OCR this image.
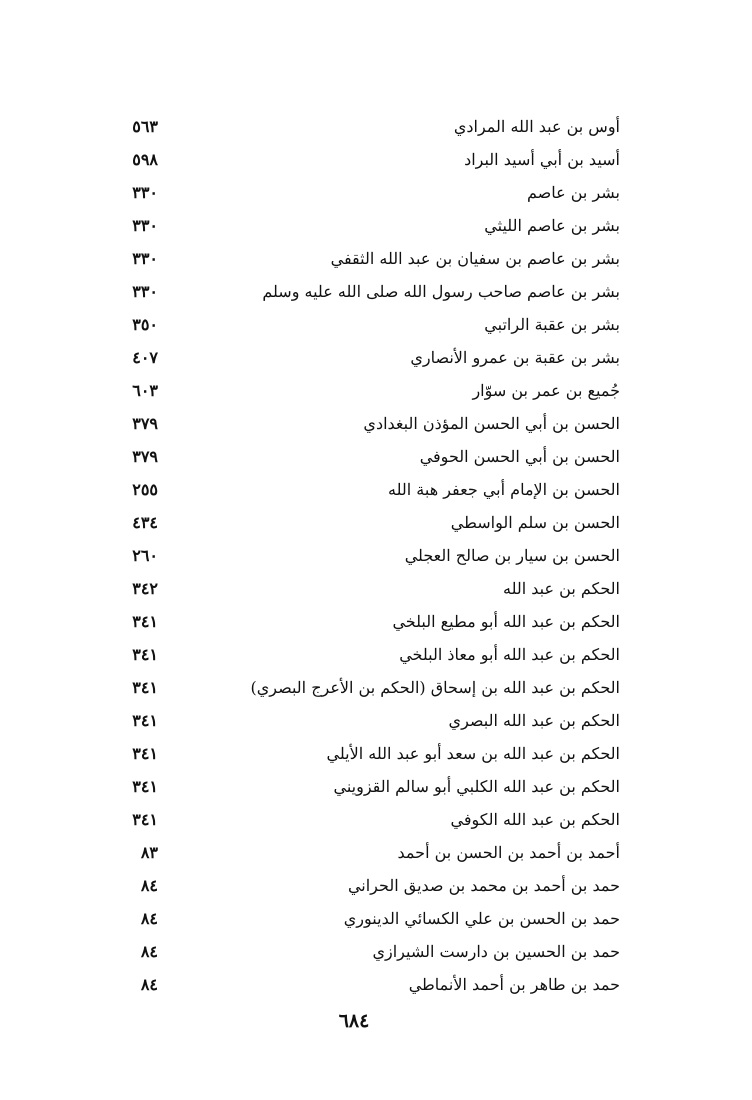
أوس بن عبد الله المرادي
٥٦٣
أسيد بن أبي أسيد البراد
٥٩٨
بشر بن عاصم
٣٣٠
بشر بن عاصم الليثي
٣٣٠
بشر بن عاصم بن سفيان بن عبد الله الثقفي
٣٣٠
بشر بن عاصم صاحب رسول الله صلى الله عليه وسلم
٣٣٠
بشر بن عقبة الراتبي
٣٥٠
بشر بن عقبة بن عمرو الأنصاري
٤٠٧
جُميع بن عمر بن سوّار
٦٠٣
الحسن بن أبي الحسن المؤذن البغدادي
٣٧٩
الحسن بن أبي الحسن الحوفي
٣٧٩
الحسن بن الإمام أبي جعفر هبة الله
٢٥٥
الحسن بن سلم الواسطي
٤٣٤
الحسن بن سيار بن صالح العجلي
٢٦٠
الحكم بن عبد الله
٣٤٢
الحكم بن عبد الله أبو مطيع البلخي
٣٤١
الحكم بن عبد الله أبو معاذ البلخي
٣٤١
الحكم بن عبد الله بن إسحاق (الحكم بن الأعرج البصري)
٣٤١
الحكم بن عبد الله البصري
٣٤١
الحكم بن عبد الله بن سعد أبو عبد الله الأيلي
٣٤١
الحكم بن عبد الله الكلبي أبو سالم القزويني
٣٤١
الحكم بن عبد الله الكوفي
٣٤١
أحمد بن أحمد بن الحسن بن أحمد
٨٣
حمد بن أحمد بن محمد بن صديق الحراني
٨٤
حمد بن الحسن بن علي الكسائي الدينوري
٨٤
حمد بن الحسين بن دارست الشيرازي
٨٤
حمد بن طاهر بن أحمد الأنماطي
٨٤
٦٨٤
